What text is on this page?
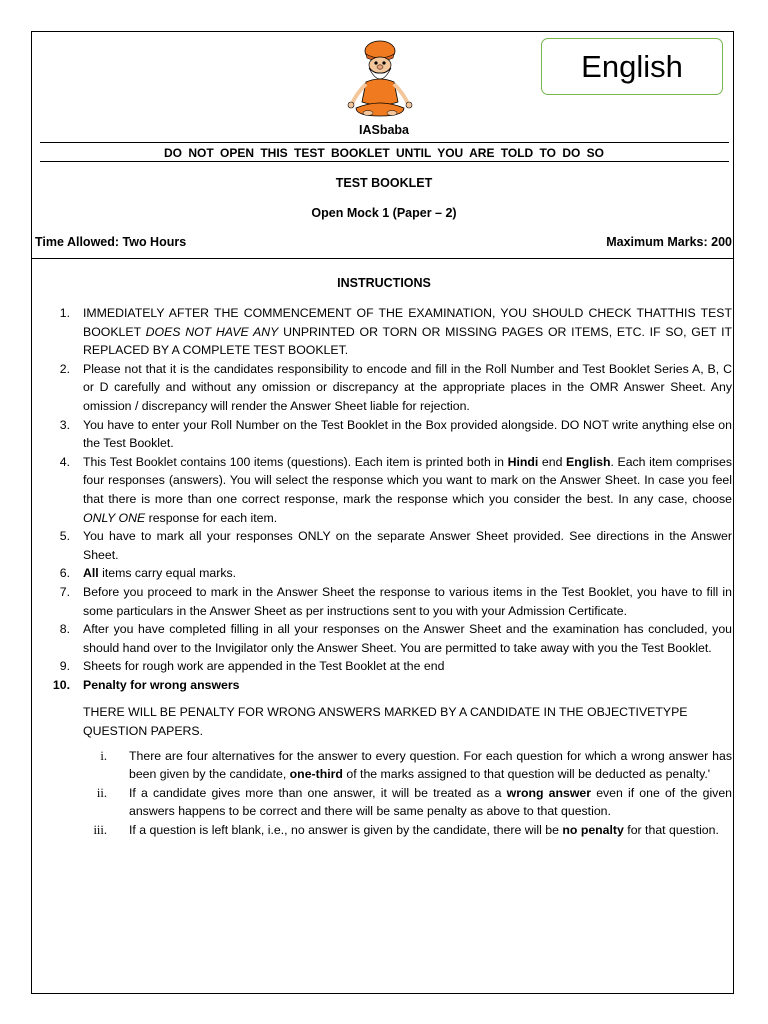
English
IASbaba
DO NOT OPEN THIS TEST BOOKLET UNTIL YOU ARE TOLD TO DO SO
TEST BOOKLET
Open Mock 1 (Paper – 2)
Time Allowed: Two Hours	Maximum Marks: 200
INSTRUCTIONS
1. IMMEDIATELY AFTER THE COMMENCEMENT OF THE EXAMINATION, YOU SHOULD CHECK THATTHIS TEST BOOKLET DOES NOT HAVE ANY UNPRINTED OR TORN OR MISSING PAGES OR ITEMS, ETC. IF SO, GET IT REPLACED BY A COMPLETE TEST BOOKLET.
2. Please not that it is the candidates responsibility to encode and fill in the Roll Number and Test Booklet Series A, B, C or D carefully and without any omission or discrepancy at the appropriate places in the OMR Answer Sheet. Any omission / discrepancy will render the Answer Sheet liable for rejection.
3. You have to enter your Roll Number on the Test Booklet in the Box provided alongside. DO NOT write anything else on the Test Booklet.
4. This Test Booklet contains 100 items (questions). Each item is printed both in Hindi end English. Each item comprises four responses (answers). You will select the response which you want to mark on the Answer Sheet. In case you feel that there is more than one correct response, mark the response which you consider the best. In any case, choose ONLY ONE response for each item.
5. You have to mark all your responses ONLY on the separate Answer Sheet provided. See directions in the Answer Sheet.
6. All items carry equal marks.
7. Before you proceed to mark in the Answer Sheet the response to various items in the Test Booklet, you have to fill in some particulars in the Answer Sheet as per instructions sent to you with your Admission Certificate.
8. After you have completed filling in all your responses on the Answer Sheet and the examination has concluded, you should hand over to the Invigilator only the Answer Sheet. You are permitted to take away with you the Test Booklet.
9. Sheets for rough work are appended in the Test Booklet at the end
10. Penalty for wrong answers
THERE WILL BE PENALTY FOR WRONG ANSWERS MARKED BY A CANDIDATE IN THE OBJECTIVETYPE QUESTION PAPERS.
i. There are four alternatives for the answer to every question. For each question for which a wrong answer has been given by the candidate, one-third of the marks assigned to that question will be deducted as penalty.'
ii. If a candidate gives more than one answer, it will be treated as a wrong answer even if one of the given answers happens to be correct and there will be same penalty as above to that question.
iii. If a question is left blank, i.e., no answer is given by the candidate, there will be no penalty for that question.
